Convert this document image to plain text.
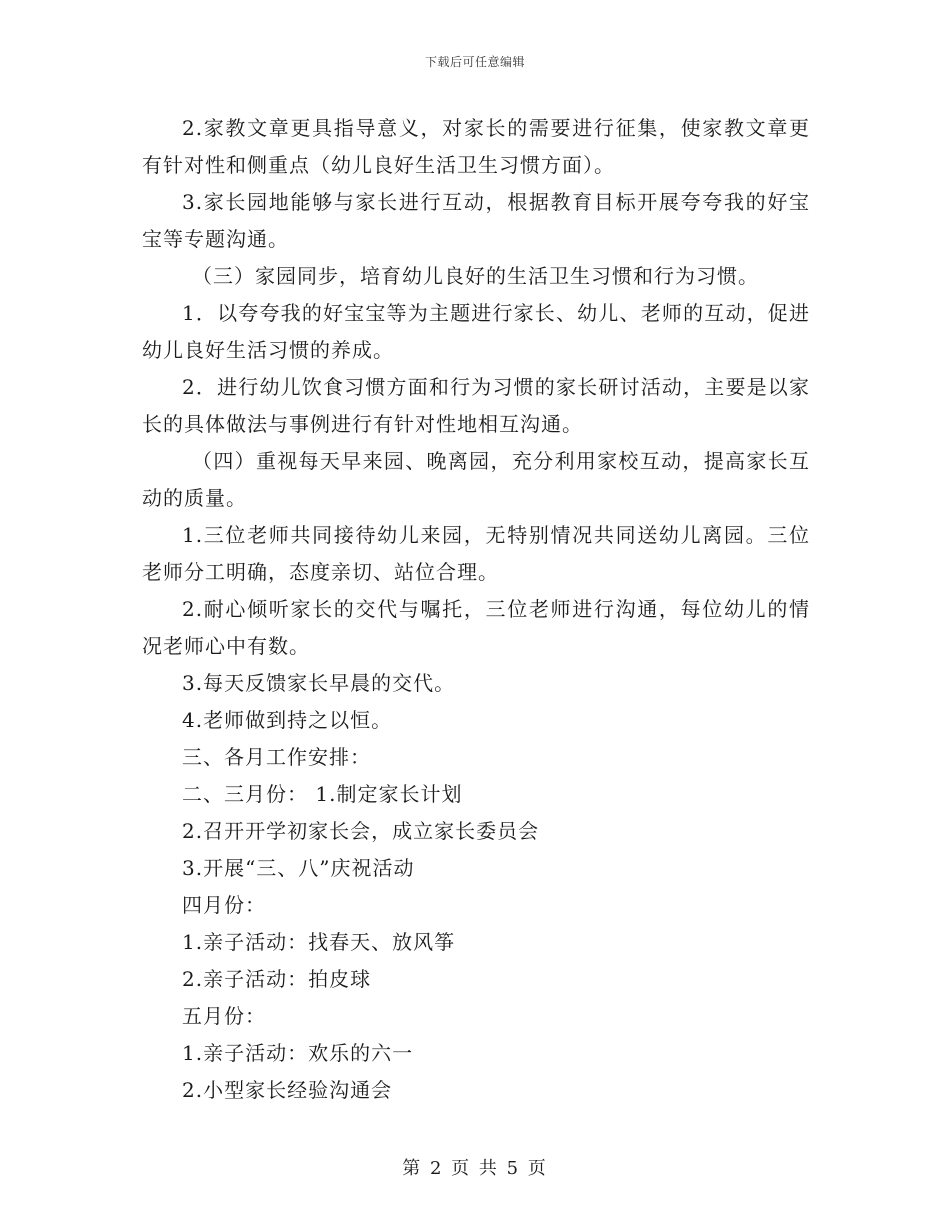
下载后可任意编辑

2.家教文章更具指导意义，对家长的需要进行征集，使家教文章更有针对性和侧重点（幼儿良好生活卫生习惯方面）。

3.家长园地能够与家长进行互动，根据教育目标开展夸夸我的好宝宝等专题沟通。

（三）家园同步，培育幼儿良好的生活卫生习惯和行为习惯。

1．以夸夸我的好宝宝等为主题进行家长、幼儿、老师的互动，促进幼儿良好生活习惯的养成。

2．进行幼儿饮食习惯方面和行为习惯的家长研讨活动，主要是以家长的具体做法与事例进行有针对性地相互沟通。

（四）重视每天早来园、晚离园，充分利用家校互动，提高家长互动的质量。

1.三位老师共同接待幼儿来园，无特别情况共同送幼儿离园。三位老师分工明确，态度亲切、站位合理。

2.耐心倾听家长的交代与嘱托，三位老师进行沟通，每位幼儿的情况老师心中有数。

3.每天反馈家长早晨的交代。

4.老师做到持之以恒。

三、各月工作安排：

二、三月份： 1.制定家长计划

2.召开开学初家长会，成立家长委员会

3.开展“三、八”庆祝活动

四月份：

1.亲子活动：找春天、放风筝

2.亲子活动：拍皮球

五月份：

1.亲子活动：欢乐的六一

2.小型家长经验沟通会

第 2 页 共 5 页
